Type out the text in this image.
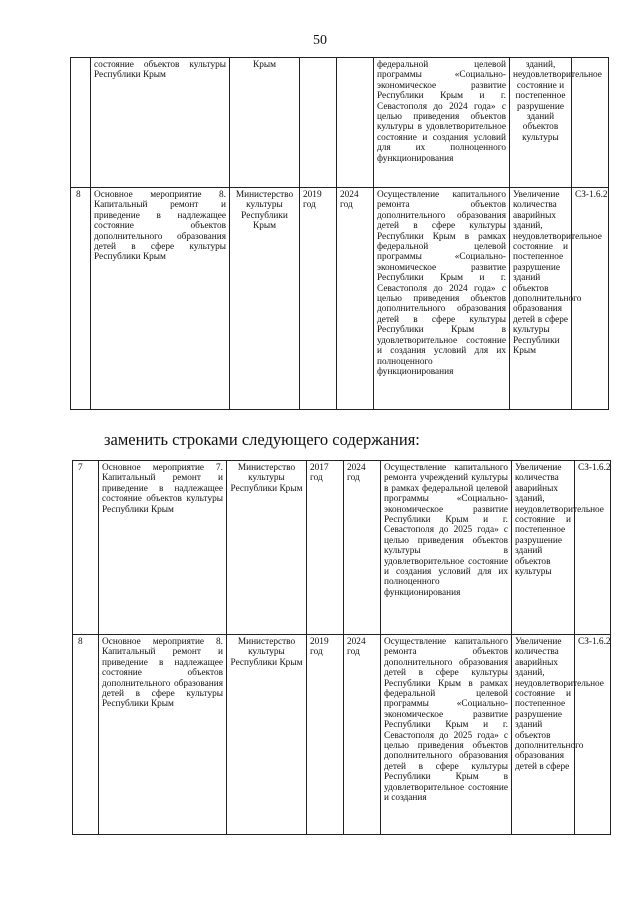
50
	состояние объектов культуры Республики Крым	Крым			федеральной целевой программы «Социально-экономическое развитие Республики Крым и г. Севастополя до 2024 года» с целью приведения объектов культуры в удовлетворительное состояние и создания условий для их полноценного функционирования	зданий, неудовлетворительное состояние и постепенное разрушение зданий объектов культуры	
8	Основное мероприятие 8. Капитальный ремонт и приведение в надлежащее состояние объектов дополнительного образования детей в сфере культуры Республики Крым	Министерство культуры Республики Крым	2019 год	2024 год	Осуществление капитального ремонта объектов дополнительного образования детей в сфере культуры Республики Крым в рамках федеральной целевой программы «Социально-экономическое развитие Республики Крым и г. Севастополя до 2024 года» с целью приведения объектов дополнительного образования детей в сфере культуры Республики Крым в удовлетворительное состояние и создания условий для их полноценного функционирования	Увеличение количества аварийных зданий, неудовлетворительное состояние и постепенное разрушение зданий объектов дополнительного образования детей в сфере культуры Республики Крым	СЗ-1.6.2
заменить строками следующего содержания:
7	Основное мероприятие 7. Капитальный ремонт и приведение в надлежащее состояние объектов культуры Республики Крым	Министерство культуры Республики Крым	2017 год	2024 год	Осуществление капитального ремонта учреждений культуры в рамках федеральной целевой программы «Социально-экономическое развитие Республики Крым и г. Севастополя до 2025 года» с целью приведения объектов культуры в удовлетворительное состояние и создания условий для их полноценного функционирования	Увеличение количества аварийных зданий, неудовлетворительное состояние и постепенное разрушение зданий объектов культуры	СЗ-1.6.2
8	Основное мероприятие 8. Капитальный ремонт и приведение в надлежащее состояние объектов дополнительного образования детей в сфере культуры Республики Крым	Министерство культуры Республики Крым	2019 год	2024 год	Осуществление капитального ремонта объектов дополнительного образования детей в сфере культуры Республики Крым в рамках федеральной целевой программы «Социально-экономическое развитие Республики Крым и г. Севастополя до 2025 года» с целью приведения объектов дополнительного образования детей в сфере культуры Республики Крым в удовлетворительное состояние и создания	Увеличение количества аварийных зданий, неудовлетворительное состояние и постепенное разрушение зданий объектов дополнительного образования детей в сфере	СЗ-1.6.2
